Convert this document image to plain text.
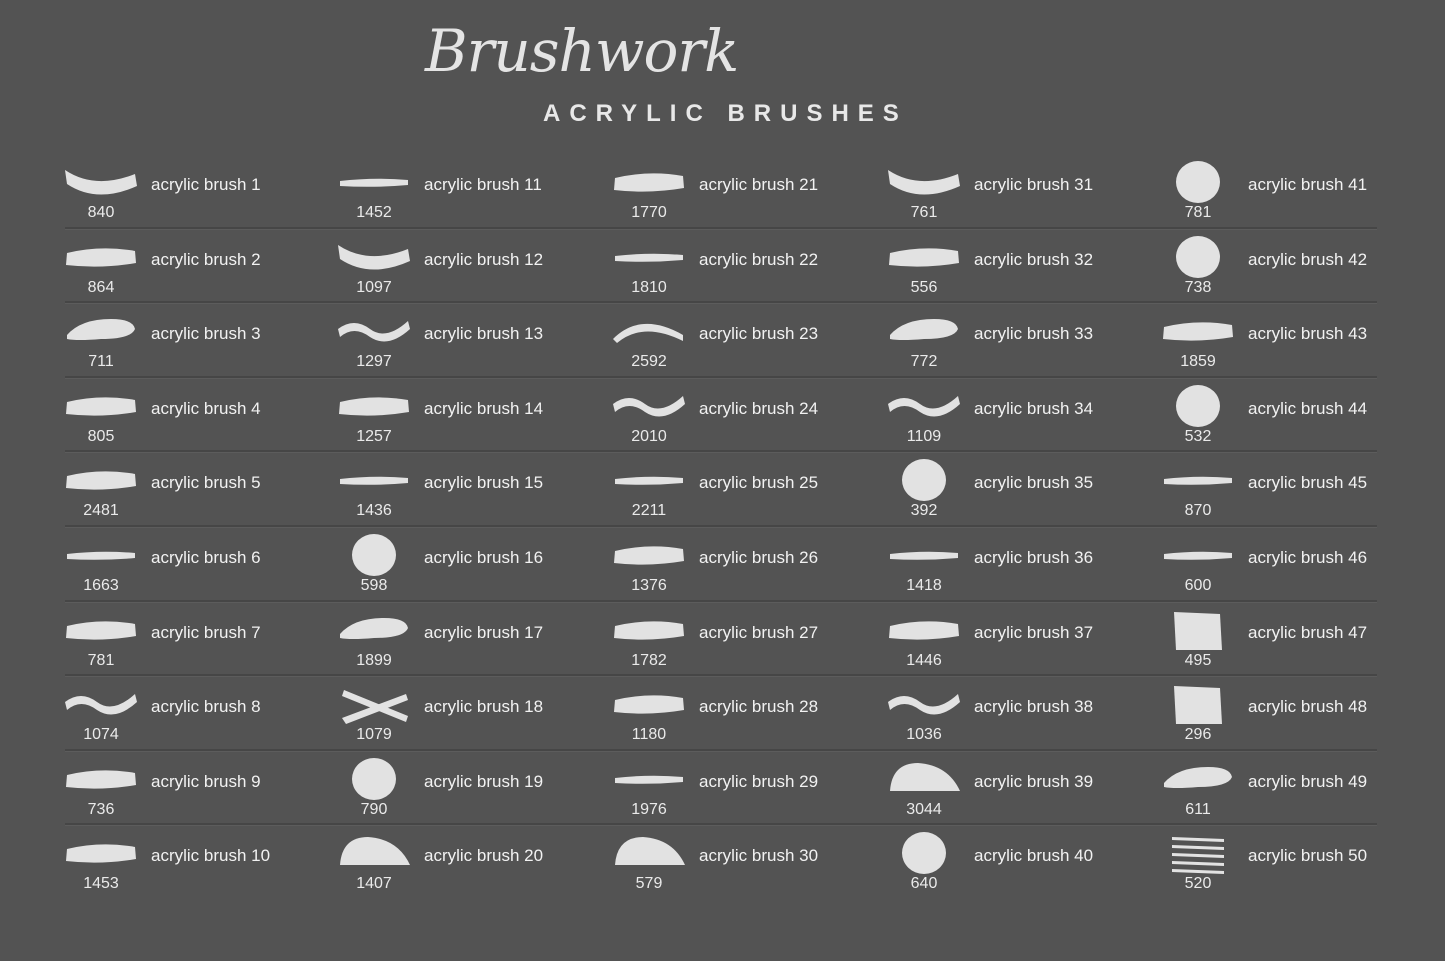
Brushwork
ACRYLIC BRUSHES
840
acrylic brush 1
864
acrylic brush 2
711
acrylic brush 3
805
acrylic brush 4
2481
acrylic brush 5
1663
acrylic brush 6
781
acrylic brush 7
1074
acrylic brush 8
736
acrylic brush 9
1453
acrylic brush 10
1452
acrylic brush 11
1097
acrylic brush 12
1297
acrylic brush 13
1257
acrylic brush 14
1436
acrylic brush 15
598
acrylic brush 16
1899
acrylic brush 17
1079
acrylic brush 18
790
acrylic brush 19
1407
acrylic brush 20
1770
acrylic brush 21
1810
acrylic brush 22
2592
acrylic brush 23
2010
acrylic brush 24
2211
acrylic brush 25
1376
acrylic brush 26
1782
acrylic brush 27
1180
acrylic brush 28
1976
acrylic brush 29
579
acrylic brush 30
761
acrylic brush 31
556
acrylic brush 32
772
acrylic brush 33
1109
acrylic brush 34
392
acrylic brush 35
1418
acrylic brush 36
1446
acrylic brush 37
1036
acrylic brush 38
3044
acrylic brush 39
640
acrylic brush 40
781
acrylic brush 41
738
acrylic brush 42
1859
acrylic brush 43
532
acrylic brush 44
870
acrylic brush 45
600
acrylic brush 46
495
acrylic brush 47
296
acrylic brush 48
611
acrylic brush 49
520
acrylic brush 50
